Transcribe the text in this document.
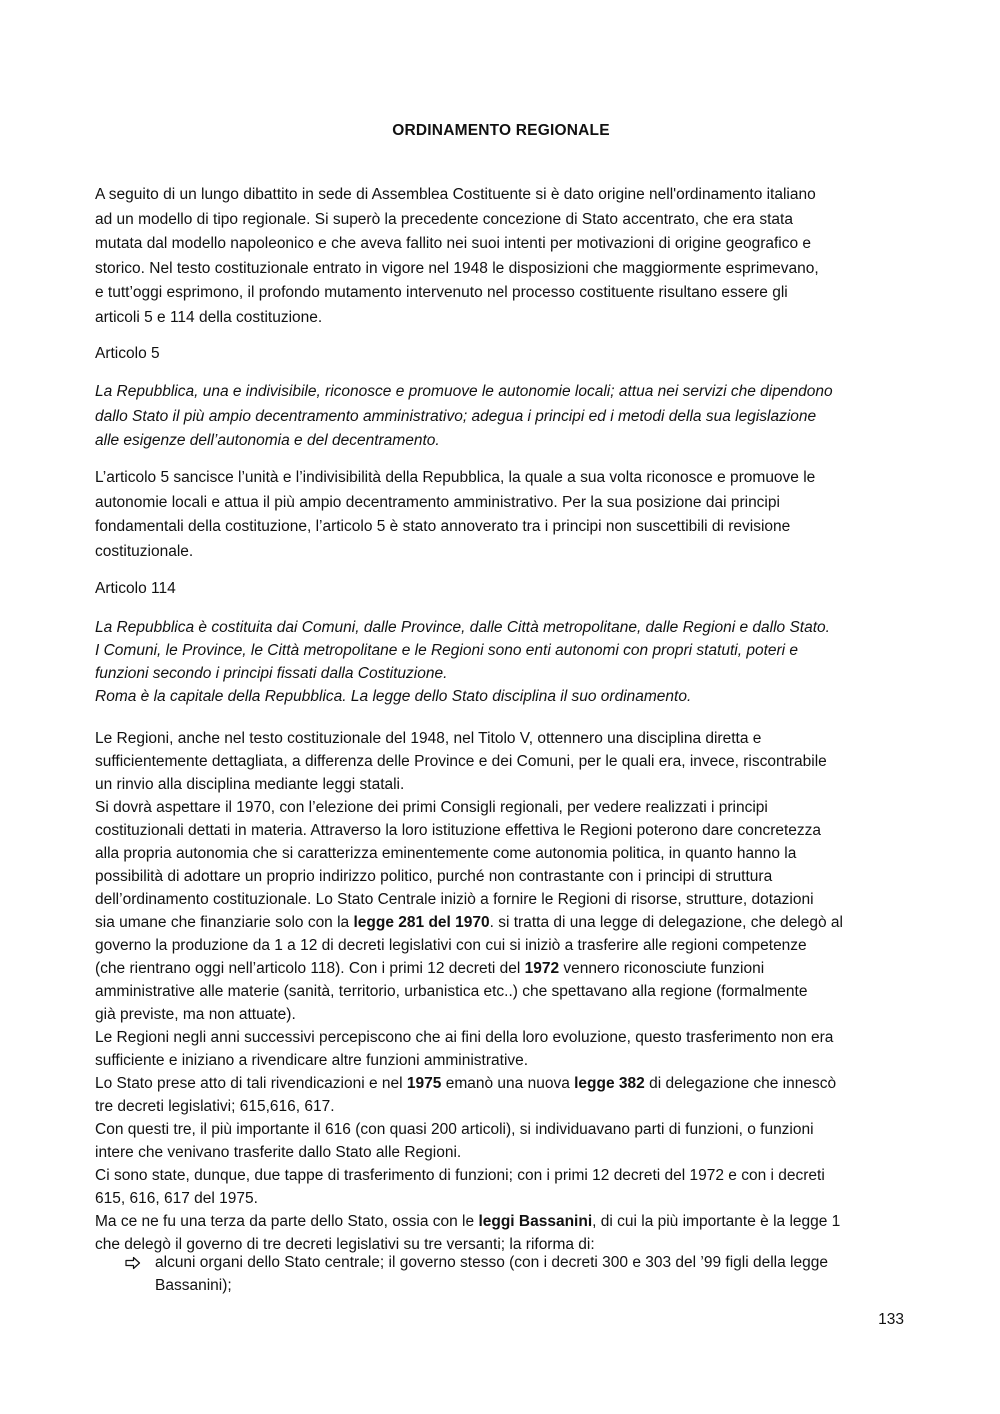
ORDINAMENTO REGIONALE
A seguito di un lungo dibattito in sede di Assemblea Costituente si è dato origine nell'ordinamento italiano
ad un modello di tipo regionale. Si superò la precedente concezione di Stato accentrato, che era stata
mutata dal modello napoleonico e che aveva fallito nei suoi intenti per motivazioni di origine geografico e
storico. Nel testo costituzionale entrato in vigore nel 1948 le disposizioni che maggiormente esprimevano,
e tutt’oggi esprimono, il profondo mutamento intervenuto nel processo costituente risultano essere gli
articoli 5 e 114 della costituzione.
Articolo 5
La Repubblica, una e indivisibile, riconosce e promuove le autonomie locali; attua nei servizi che dipendono
dallo Stato il più ampio decentramento amministrativo; adegua i principi ed i metodi della sua legislazione
alle esigenze dell’autonomia e del decentramento.
L’articolo 5 sancisce l’unità e l’indivisibilità della Repubblica, la quale a sua volta riconosce e promuove le
autonomie locali e attua il più ampio decentramento amministrativo. Per la sua posizione dai principi
fondamentali della costituzione, l’articolo 5 è stato annoverato tra i principi non suscettibili di revisione
costituzionale.
Articolo 114
La Repubblica è costituita dai Comuni, dalle Province, dalle Città metropolitane, dalle Regioni e dallo Stato.
I Comuni, le Province, le Città metropolitane e le Regioni sono enti autonomi con propri statuti, poteri e
funzioni secondo i principi fissati dalla Costituzione.
Roma è la capitale della Repubblica. La legge dello Stato disciplina il suo ordinamento.
Le Regioni, anche nel testo costituzionale del 1948, nel Titolo V, ottennero una disciplina diretta e
sufficientemente dettagliata, a differenza delle Province e dei Comuni, per le quali era, invece, riscontrabile
un rinvio alla disciplina mediante leggi statali.
Si dovrà aspettare il 1970, con l’elezione dei primi Consigli regionali, per vedere realizzati i principi
costituzionali dettati in materia. Attraverso la loro istituzione effettiva le Regioni poterono dare concretezza
alla propria autonomia che si caratterizza eminentemente come autonomia politica, in quanto hanno la
possibilità di adottare un proprio indirizzo politico, purché non contrastante con i principi di struttura
dell’ordinamento costituzionale. Lo Stato Centrale iniziò a fornire le Regioni di risorse, strutture, dotazioni
sia umane che finanziarie solo con la legge 281 del 1970. si tratta di una legge di delegazione, che delegò al
governo la produzione da 1 a 12 di decreti legislativi con cui si iniziò a trasferire alle regioni competenze
(che rientrano oggi nell’articolo 118). Con i primi 12 decreti del 1972 vennero riconosciute funzioni
amministrative alle materie (sanità, territorio, urbanistica etc..) che spettavano alla regione (formalmente
già previste, ma non attuate).
Le Regioni negli anni successivi percepiscono che ai fini della loro evoluzione, questo trasferimento non era
sufficiente e iniziano a rivendicare altre funzioni amministrative.
Lo Stato prese atto di tali rivendicazioni e nel 1975 emanò una nuova legge 382 di delegazione che innescò
tre decreti legislativi; 615,616, 617.
Con questi tre, il più importante il 616 (con quasi 200 articoli), si individuavano parti di funzioni, o funzioni
intere che venivano trasferite dallo Stato alle Regioni.
Ci sono state, dunque, due tappe di trasferimento di funzioni; con i primi 12 decreti del 1972 e con i decreti
615, 616, 617 del 1975.
Ma ce ne fu una terza da parte dello Stato, ossia con le leggi Bassanini, di cui la più importante è la legge 1
che delegò il governo di tre decreti legislativi su tre versanti; la riforma di:
alcuni organi dello Stato centrale; il governo stesso (con i decreti 300 e 303 del ’99 figli della legge
Bassanini);
133
